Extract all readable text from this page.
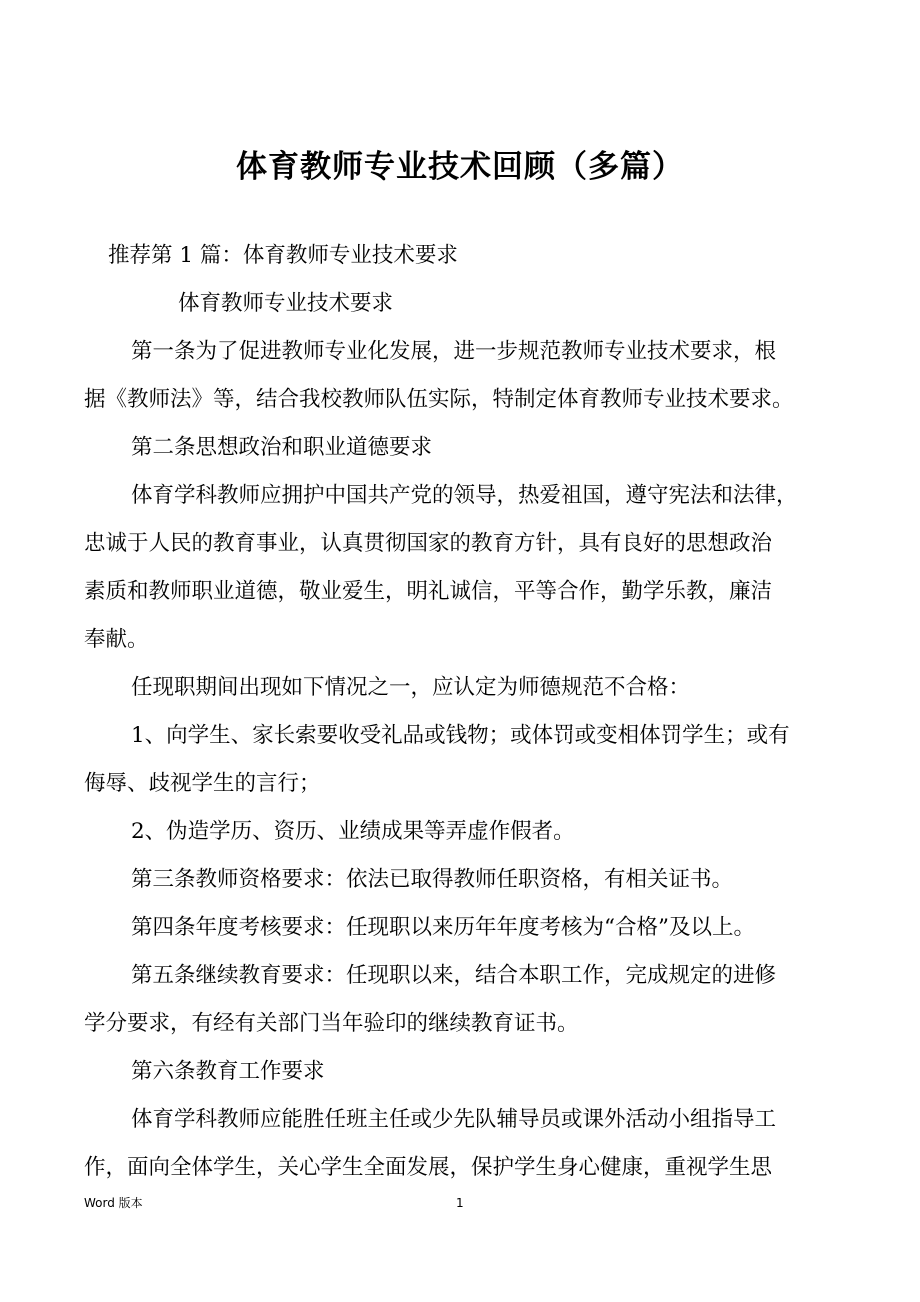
体育教师专业技术回顾（多篇）
推荐第 1 篇：体育教师专业技术要求
体育教师专业技术要求
第一条为了促进教师专业化发展，进一步规范教师专业技术要求，根
据《教师法》等，结合我校教师队伍实际，特制定体育教师专业技术要求。
第二条思想政治和职业道德要求
体育学科教师应拥护中国共产党的领导，热爱祖国，遵守宪法和法律，
忠诚于人民的教育事业，认真贯彻国家的教育方针，具有良好的思想政治
素质和教师职业道德，敬业爱生，明礼诚信，平等合作，勤学乐教，廉洁
奉献。
任现职期间出现如下情况之一，应认定为师德规范不合格：
1、向学生、家长索要收受礼品或钱物；或体罚或变相体罚学生；或有
侮辱、歧视学生的言行；
2、伪造学历、资历、业绩成果等弄虚作假者。
第三条教师资格要求：依法已取得教师任职资格，有相关证书。
第四条年度考核要求：任现职以来历年年度考核为“合格”及以上。
第五条继续教育要求：任现职以来，结合本职工作，完成规定的进修
学分要求，有经有关部门当年验印的继续教育证书。
第六条教育工作要求
体育学科教师应能胜任班主任或少先队辅导员或课外活动小组指导工
作，面向全体学生，关心学生全面发展，保护学生身心健康，重视学生思
Word 版本	1
